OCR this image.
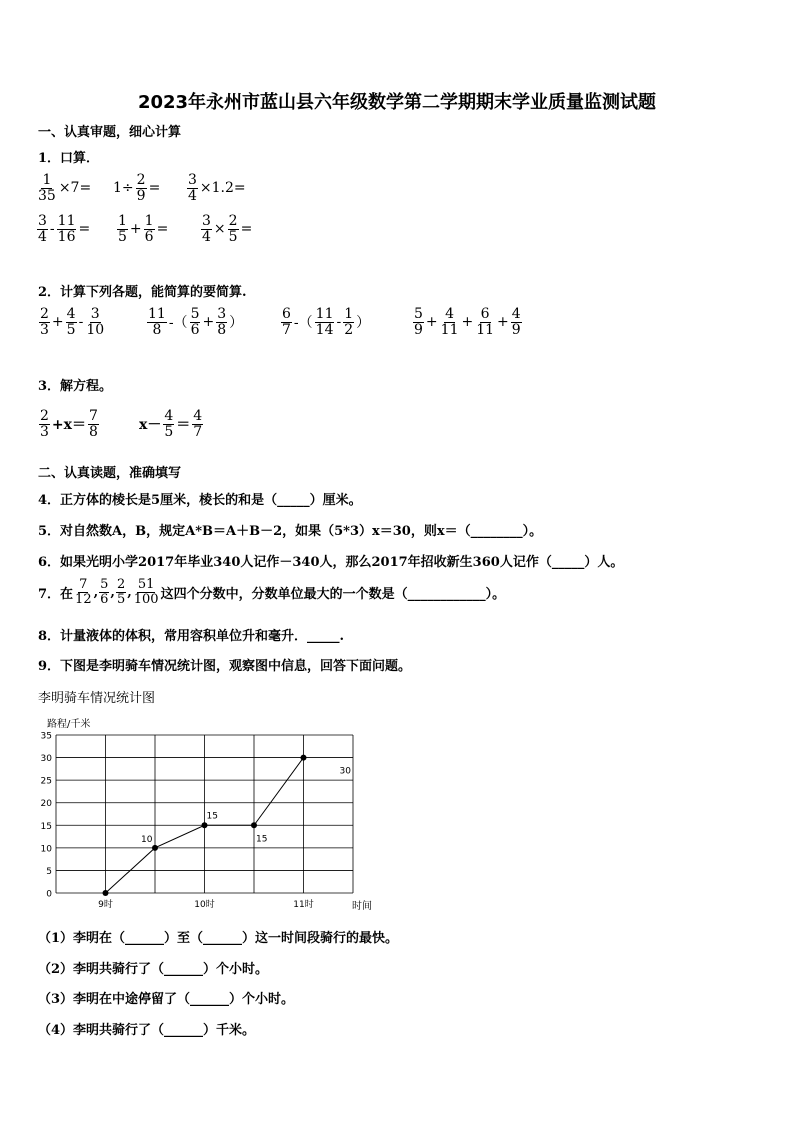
2023年永州市蓝山县六年级数学第二学期期末学业质量监测试题
一、认真审题，细心计算
1．口算．
$\frac{1}{35} \times 7= 1\div \frac{2}{9} = \frac{3}{4} \times 1.2=$
$\frac{3}{4} - \frac{11}{16} = \frac{1}{5} + \frac{1}{6} = \frac{3}{4} \times \frac{2}{5}$ =
2．计算下列各题，能简算的要简算.
$\frac{2}{3} + \frac{4}{5} - \frac{3}{10}$	$\frac{11}{8}$ -（ $\frac{5}{6} + \frac{3}{8}$ ）	$\frac{6}{7}$ -（ $\frac{11}{14} - \frac{1}{2}$ ）	$\frac{5}{9} + \frac{4}{11} + \frac{6}{11} + \frac{4}{9}$
3．解方程。
$\frac{2}{3} +x= \frac{7}{8}$	$x- \frac{4}{5} = \frac{4}{7}$
二、认真读题，准确填写
4．正方体的棱长是5厘米，棱长的和是（_____）厘米。
5．对自然数A，B，规定A*B＝A＋B－2，如果（5*3）x＝30，则x＝（________）。
6．如果光明小学2017年毕业340人记作－340人，那么2017年招收新生360人记作（_____）人。
7．在 $\frac{7}{12}$ , $\frac{5}{6}$ , $\frac{2}{5}$ , $\frac{51}{100}$ 这四个分数中，分数单位最大的一个数是（____________）。
8．计量液体的体积，常用容积单位升和毫升．_____.
9．下图是李明骑车情况统计图，观察图中信息，回答下面问题。
李明骑车情况统计图
0
5
10
15
20
25
30
35
9时	10时	11时
10
15
15
30
路程/千米
时间
（1）李明在（______）至（______）这一时间段骑行的最快。
（2）李明共骑行了（______）个小时。
（3）李明在中途停留了（______）个小时。
（4）李明共骑行了（______）千米。
